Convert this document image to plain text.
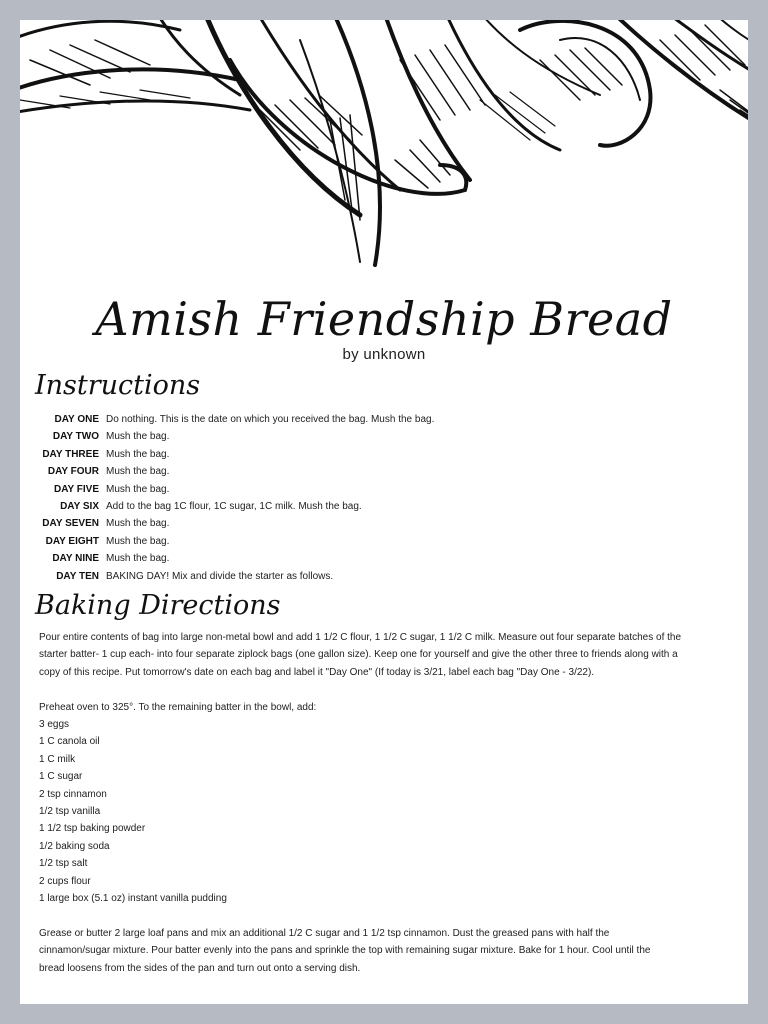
Amish Friendship Bread
by unknown
Instructions
DAY ONE Do nothing. This is the date on which you received the bag. Mush the bag.
DAY TWO Mush the bag.
DAY THREE Mush the bag.
DAY FOUR Mush the bag.
DAY FIVE Mush the bag.
DAY SIX Add to the bag 1C flour, 1C sugar, 1C milk. Mush the bag.
DAY SEVEN Mush the bag.
DAY EIGHT Mush the bag.
DAY NINE Mush the bag.
DAY TEN BAKING DAY! Mix and divide the starter as follows.
Baking Directions

Pour entire contents of bag into large non-metal bowl and add 1 1/2 C flour, 1 1/2 C sugar, 1 1/2 C milk. Measure out four separate batches of the

starter batter- 1 cup each- into four separate ziplock bags (one gallon size). Keep one for yourself and give the other three to friends along with a

copy of this recipe. Put tomorrow's date on each bag and label it "Day One" (If today is 3/21, label each bag "Day One - 3/22).

Preheat oven to 325°. To the remaining batter in the bowl, add:

3 eggs
1 C canola oil
1 C milk
1 C sugar
2 tsp cinnamon
1/2 tsp vanilla
1 1/2 tsp baking powder
1/2 baking soda
1/2 tsp salt
2 cups flour
1 large box (5.1 oz) instant vanilla pudding

Grease or butter 2 large loaf pans and mix an additional 1/2 C sugar and 1 1/2 tsp cinnamon. Dust the greased pans with half the

cinnamon/sugar mixture. Pour batter evenly into the pans and sprinkle the top with remaining sugar mixture. Bake for 1 hour. Cool until the

bread loosens from the sides of the pan and turn out onto a serving dish.
